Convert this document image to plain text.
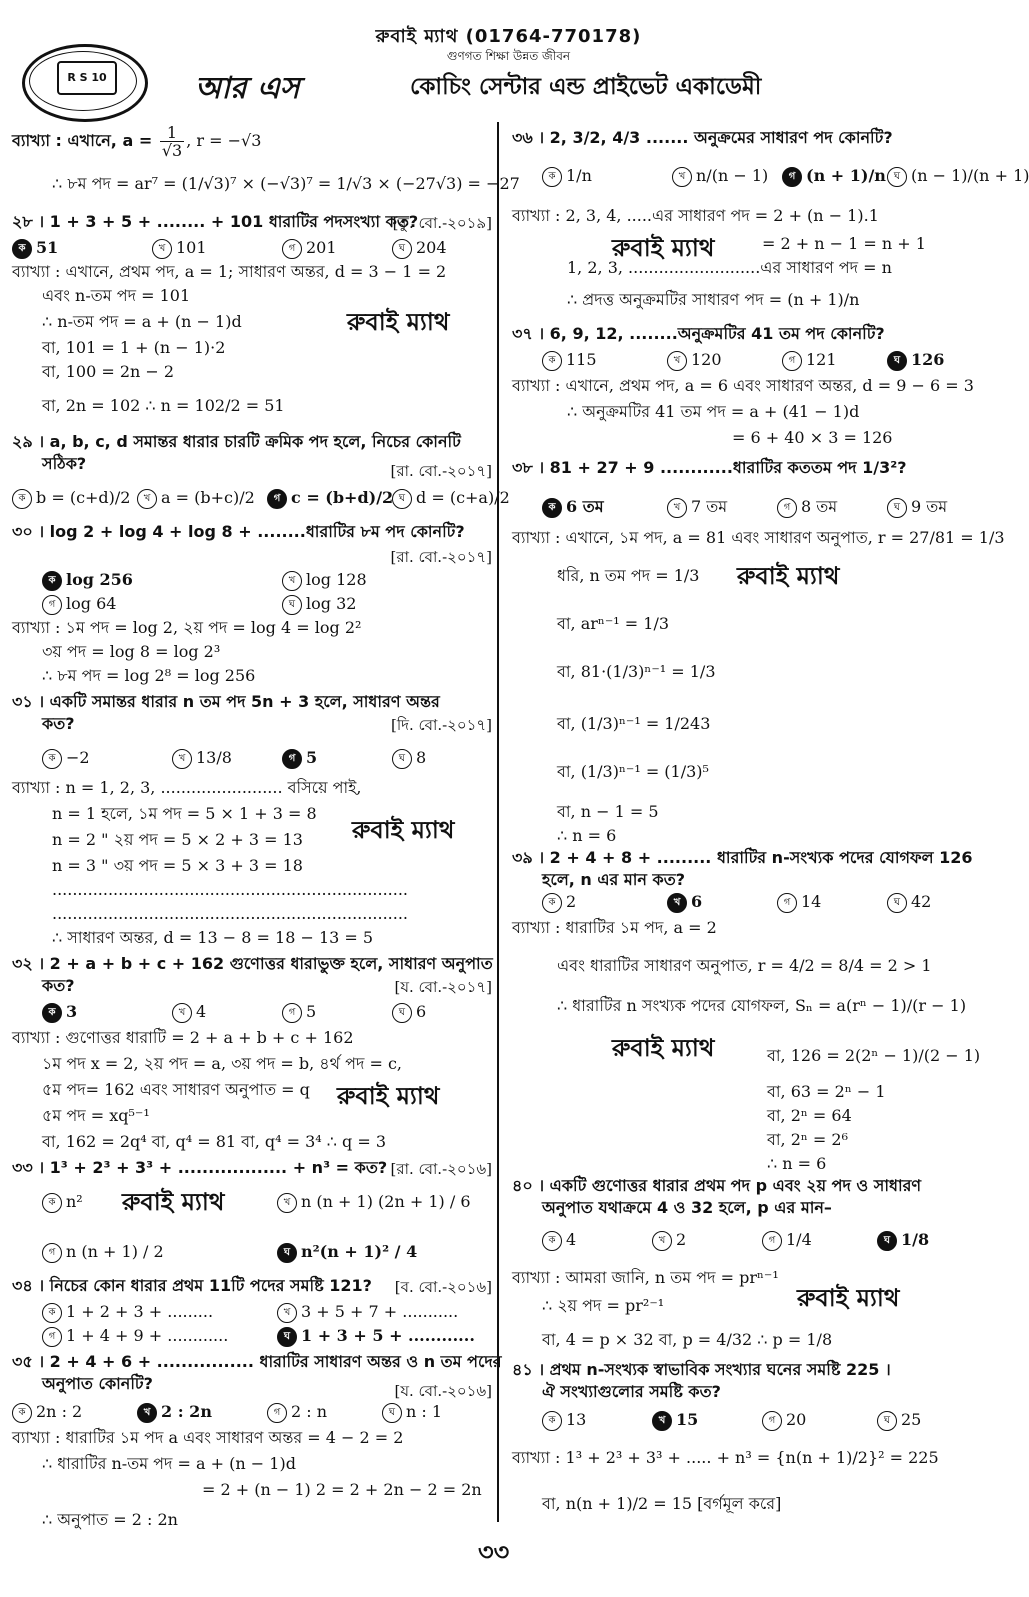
R S 10
রুবাই ম্যাথ (01764-770178)
গুণগত শিক্ষা উন্নত জীবন
আর এস	কোচিং সেন্টার এন্ড প্রাইভেট একাডেমী
ব্যাখ্যা : এখানে, $a = \frac{1}{√3}$ , r = −√3
∴ ৮ম পদ = ar⁷ = (1/√3)⁷ × (−√3)⁷ = 1/√3 × (−27√3) = −27
২৮ । 1 + 3 + 5 + ........ + 101 ধারাটির পদসংখ্যা কত?
[কু. বো.-২০১৯]
ক 51	খ 101	গ 201	ঘ 204
ব্যাখ্যা : এখানে, প্রথম পদ, a = 1; সাধারণ অন্তর, d = 3 − 1 = 2
এবং n-তম পদ = 101
∴ n-তম পদ = a + (n − 1)d	রুবাই ম্যাথ
বা, 101 = 1 + (n − 1)·2
বা, 100 = 2n − 2
বা, 2n = 102 ∴ n = 102/2 = 51
২৯ । a, b, c, d সমান্তর ধারার চারটি ক্রমিক পদ হলে, নিচের কোনটি
সঠিক?	[রা. বো.-২০১৭]
ক b = (c+d)/2	খ a = (b+c)/2	গ c = (b+d)/2 ঘ d = (c+a)/2
৩০ । log 2 + log 4 + log 8 + ........ধারাটির ৮ম পদ কোনটি?
[রা. বো.-২০১৭]
ক log 256	খ log 128
গ log 64	ঘ log 32
ব্যাখ্যা : ১ম পদ = log 2, ২য় পদ = log 4 = log 2²
৩য় পদ = log 8 = log 2³
∴ ৮ম পদ = log 2⁸ = log 256
৩১ । একটি সমান্তর ধারার n তম পদ 5n + 3 হলে, সাধারণ অন্তর
কত?	[দি. বো.-২০১৭]
ক −2	খ 13/8	গ 5	ঘ 8
ব্যাখ্যা : n = 1, 2, 3, ........................ বসিয়ে পাই,
n = 1 হলে, ১ম পদ = 5 × 1 + 3 = 8
রুবাই ম্যাথ
n = 2 " ২য় পদ = 5 × 2 + 3 = 13
n = 3 " ৩য় পদ = 5 × 3 + 3 = 18
......................................................................
......................................................................
∴ সাধারণ অন্তর, d = 13 − 8 = 18 − 13 = 5
৩২ । 2 + a + b + c + 162 গুণোত্তর ধারাভুক্ত হলে, সাধারণ অনুপাত
কত?	[য. বো.-২০১৭]
ক 3	খ 4	গ 5	ঘ 6
ব্যাখ্যা : গুণোত্তর ধারাটি = 2 + a + b + c + 162
১ম পদ x = 2, ২য় পদ = a, ৩য় পদ = b, ৪র্থ পদ = c,
৫ম পদ= 162 এবং সাধারণ অনুপাত = q রুবাই ম্যাথ
৫ম পদ = xq⁵⁻¹
বা, 162 = 2q⁴ বা, q⁴ = 81 বা, q⁴ = 3⁴ ∴ q = 3
৩৩ । 1³ + 2³ + 3³ + .................. + n³ = কত? [রা. বো.-২০১৬]
ক n² রুবাই ম্যাথ	খ n (n + 1) (2n + 1) / 6
গ n (n + 1) / 2	ঘ n²(n + 1)² / 4
৩৪ । নিচের কোন ধারার প্রথম 11টি পদের সমষ্টি 121? [ব. বো.-২০১৬]
ক 1 + 2 + 3 + .........	খ 3 + 5 + 7 + ...........
গ 1 + 4 + 9 + ............	ঘ 1 + 3 + 5 + ............
৩৫ । 2 + 4 + 6 + ................ ধারাটির সাধারণ অন্তর ও n তম পদের
অনুপাত কোনটি?	[য. বো.-২০১৬]
ক 2n : 2	খ 2 : 2n	গ 2 : n	ঘ n : 1
ব্যাখ্যা : ধারাটির ১ম পদ a এবং সাধারণ অন্তর = 4 − 2 = 2
∴ ধারাটির n-তম পদ = a + (n − 1)d
= 2 + (n − 1) 2 = 2 + 2n − 2 = 2n
∴ অনুপাত = 2 : 2n
৩৬ । 2, 3/2, 4/3 ....... অনুক্রমের সাধারণ পদ কোনটি?
ক 1/n	খ n/(n − 1)	গ (n + 1)/n ঘ (n − 1)/(n + 1)
ব্যাখ্যা : 2, 3, 4, .....এর সাধারণ পদ = 2 + (n − 1).1
রুবাই ম্যাথ	= 2 + n − 1 = n + 1
1, 2, 3, ..........................এর সাধারণ পদ = n
∴ প্রদত্ত অনুক্রমটির সাধারণ পদ = (n + 1)/n
৩৭ । 6, 9, 12, ........অনুক্রমটির 41 তম পদ কোনটি?
ক 115	খ 120	গ 121	ঘ 126
ব্যাখ্যা : এখানে, প্রথম পদ, a = 6 এবং সাধারণ অন্তর, d = 9 − 6 = 3
∴ অনুক্রমটির 41 তম পদ = a + (41 − 1)d
= 6 + 40 × 3 = 126
৩৮ । 81 + 27 + 9 ............ধারাটির কততম পদ 1/3²?
ক 6 তম	খ 7 তম	গ 8 তম	ঘ 9 তম
ব্যাখ্যা : এখানে, ১ম পদ, a = 81 এবং সাধারণ অনুপাত, r = 27/81 = 1/3
ধরি, n তম পদ = 1/3 রুবাই ম্যাথ
বা, arⁿ⁻¹ = 1/3
বা, 81·(1/3)ⁿ⁻¹ = 1/3
বা, (1/3)ⁿ⁻¹ = 1/243
বা, (1/3)ⁿ⁻¹ = (1/3)⁵
বা, n − 1 = 5
∴ n = 6
৩৯ । 2 + 4 + 8 + ......... ধারাটির n-সংখ্যক পদের যোগফল 126
হলে, n এর মান কত?
ক 2	খ 6	গ 14	ঘ 42
ব্যাখ্যা : ধারাটির ১ম পদ, a = 2
এবং ধারাটির সাধারণ অনুপাত, r = 4/2 = 8/4 = 2 > 1
∴ ধারাটির n সংখ্যক পদের যোগফল, Sₙ = a(rⁿ − 1)/(r − 1)
রুবাই ম্যাথ	বা, 126 = 2(2ⁿ − 1)/(2 − 1)
বা, 63 = 2ⁿ − 1
বা, 2ⁿ = 64
বা, 2ⁿ = 2⁶
∴ n = 6
৪০ । একটি গুণোত্তর ধারার প্রথম পদ p এবং ২য় পদ ও সাধারণ
অনুপাত যথাক্রমে 4 ও 32 হলে, p এর মান–
ক 4	খ 2	গ 1/4	ঘ 1/8
ব্যাখ্যা : আমরা জানি, n তম পদ = prⁿ⁻¹
রুবাই ম্যাথ
∴ ২য় পদ = pr²⁻¹
বা, 4 = p × 32 বা, p = 4/32 ∴ p = 1/8
৪১ । প্রথম n-সংখ্যক স্বাভাবিক সংখ্যার ঘনের সমষ্টি 225 ।
ঐ সংখ্যাগুলোর সমষ্টি কত?
ক 13	খ 15	গ 20	ঘ 25
ব্যাখ্যা : 1³ + 2³ + 3³ + ..... + n³ = {n(n + 1)/2}² = 225
বা, n(n + 1)/2 = 15 [বর্গমূল করে]
৩৩
